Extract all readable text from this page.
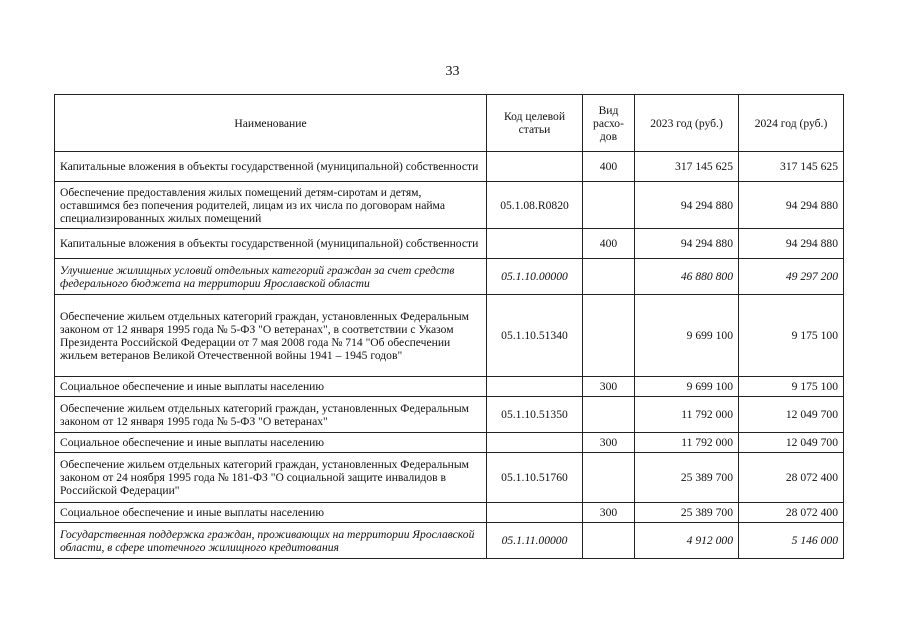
33
Наименование	Код целевой статьи	Вид расхо-дов	2023 год (руб.)	2024 год (руб.)
Капитальные вложения в объекты государственной (муниципальной) собственности		400	317 145 625	317 145 625
Обеспечение предоставления жилых помещений детям-сиротам и детям, оставшимся без попечения родителей, лицам из их числа по договорам найма специализированных жилых помещений	05.1.08.R0820		94 294 880	94 294 880
Капитальные вложения в объекты государственной (муниципальной) собственности		400	94 294 880	94 294 880
Улучшение жилищных условий отдельных категорий граждан за счет средств федерального бюджета на территории Ярославской области	05.1.10.00000		46 880 800	49 297 200
Обеспечение жильем отдельных категорий граждан, установленных Федеральным законом от 12 января 1995 года № 5-ФЗ "О ветеранах", в соответствии с Указом Президента Российской Федерации от 7 мая 2008 года № 714 "Об обеспечении жильем ветеранов Великой Отечественной войны 1941 – 1945 годов"	05.1.10.51340		9 699 100	9 175 100
Социальное обеспечение и иные выплаты населению		300	9 699 100	9 175 100
Обеспечение жильем отдельных категорий граждан, установленных Федеральным законом от 12 января 1995 года № 5-ФЗ "О ветеранах"	05.1.10.51350		11 792 000	12 049 700
Социальное обеспечение и иные выплаты населению		300	11 792 000	12 049 700
Обеспечение жильем отдельных категорий граждан, установленных Федеральным законом от 24 ноября 1995 года № 181-ФЗ "О социальной защите инвалидов в Российской Федерации"	05.1.10.51760		25 389 700	28 072 400
Социальное обеспечение и иные выплаты населению		300	25 389 700	28 072 400
Государственная поддержка граждан, проживающих на территории Ярославской области, в сфере ипотечного жилищного кредитования	05.1.11.00000		4 912 000	5 146 000
